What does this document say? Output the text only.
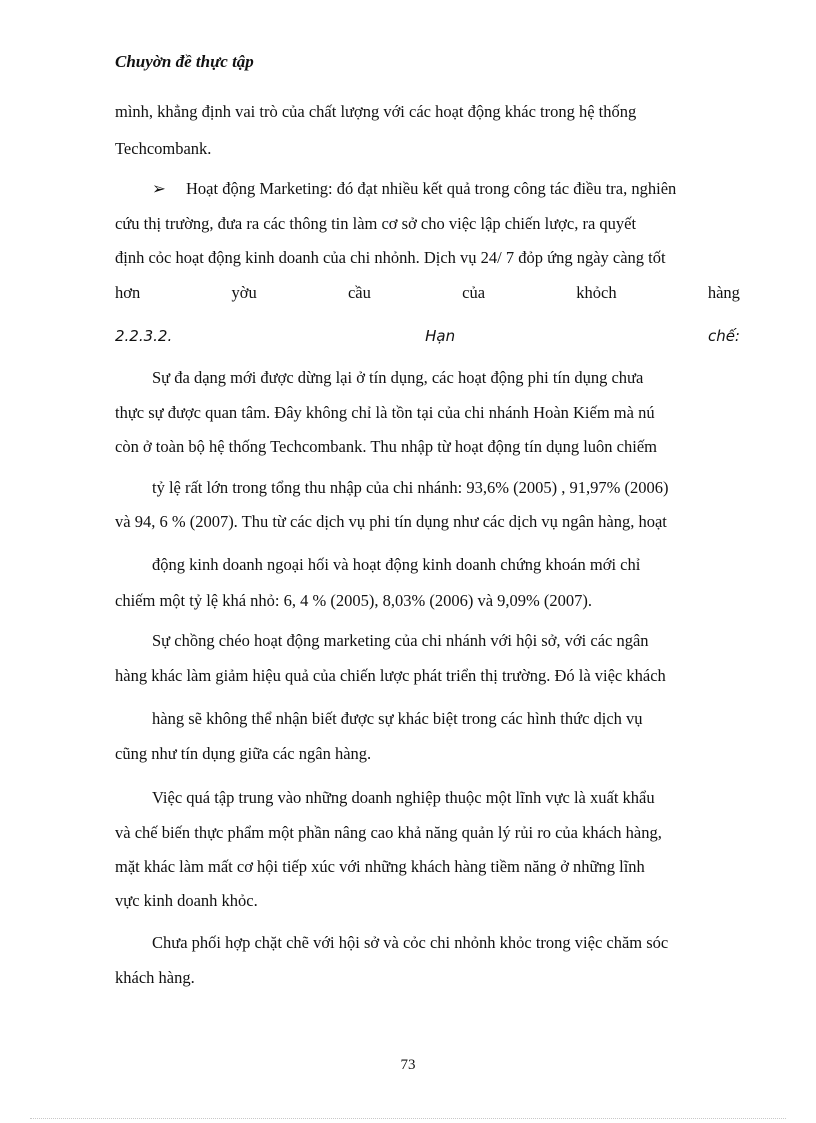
Chuyờn đề thực tập
mình, khẳng định vai trò của chất lượng với các hoạt động khác trong hệ thống
Techcombank.
➢ Hoạt động Marketing: đó đạt nhiều kết quả trong công tác điều tra, nghiên
cứu thị trường, đưa ra các thông tin làm cơ sở cho việc lập chiến lược, ra quyết
định cỏc hoạt động kinh doanh của chi nhỏnh. Dịch vụ 24/ 7 đỏp ứng ngày càng tốt
hơn	yờu	cầu	của	khỏch	hàng
2.2.3.2.	Hạn	chế:
Sự đa dạng mới được dừng lại ở tín dụng, các hoạt động phi tín dụng chưa
thực sự được quan tâm. Đây không chỉ là tồn tại của chi nhánh Hoàn Kiếm mà nú
còn ở toàn bộ hệ thống Techcombank. Thu nhập từ hoạt động tín dụng luôn chiếm
tỷ lệ rất lớn trong tổng thu nhập của chi nhánh: 93,6% (2005) , 91,97% (2006)
và 94, 6 % (2007). Thu từ các dịch vụ phi tín dụng như các dịch vụ ngân hàng, hoạt
động kinh doanh ngoại hối và hoạt động kinh doanh chứng khoán mới chỉ
chiếm một tỷ lệ khá nhỏ: 6, 4 % (2005), 8,03% (2006) và 9,09% (2007).
Sự chồng chéo hoạt động marketing của chi nhánh với hội sở, với các ngân
hàng khác làm giảm hiệu quả của chiến lược phát triển thị trường. Đó là việc khách
hàng sẽ không thể nhận biết được sự khác biệt trong các hình thức dịch vụ
cũng như tín dụng giữa các ngân hàng.
Việc quá tập trung vào những doanh nghiệp thuộc một lĩnh vực là xuất khẩu
và chế biến thực phẩm một phần nâng cao khả năng quản lý rủi ro của khách hàng,
mặt khác làm mất cơ hội tiếp xúc với những khách hàng tiềm năng ở những lĩnh
vực kinh doanh khỏc.
Chưa phối hợp chặt chẽ với hội sở và cỏc chi nhỏnh khỏc trong việc chăm sóc
khách hàng.
73
